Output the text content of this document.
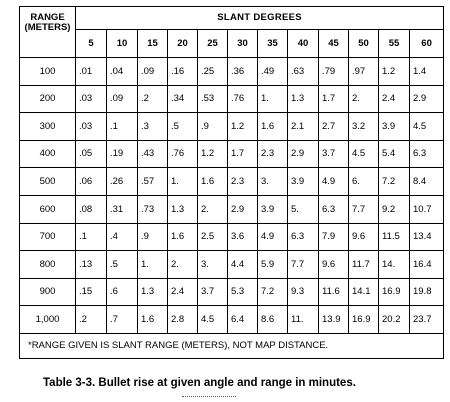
RANGE
(METERS)	SLANT DEGREES											
	5	10	15	20	25	30	35	40	45	50	55	60
100	.01	.04	.09	.16	.25	.36	.49	.63	.79	.97	1.2	1.4
200	.03	.09	.2	.34	.53	.76	1.	1.3	1.7	2.	2.4	2.9
300	.03	.1	.3	.5	.9	1.2	1.6	2.1	2.7	3.2	3.9	4.5
400	.05	.19	.43	.76	1.2	1.7	2.3	2.9	3.7	4.5	5.4	6.3
500	.06	.26	.57	1.	1.6	2.3	3.	3.9	4.9	6.	7.2	8.4
600	.08	.31	.73	1.3	2.	2.9	3.9	5.	6.3	7.7	9.2	10.7
700	.1	.4	.9	1.6	2.5	3.6	4.9	6.3	7.9	9.6	11.5	13.4
800	.13	.5	1.	2.	3.	4.4	5.9	7.7	9.6	11.7	14.	16.4
900	.15	.6	1.3	2.4	3.7	5.3	7.2	9.3	11.6	14.1	16.9	19.8
1,000	.2	.7	1.6	2.8	4.5	6.4	8.6	11.	13.9	16.9	20.2	23.7
*RANGE GIVEN IS SLANT RANGE (METERS), NOT MAP DISTANCE.												
Table 3-3. Bullet rise at given angle and range in minutes.
